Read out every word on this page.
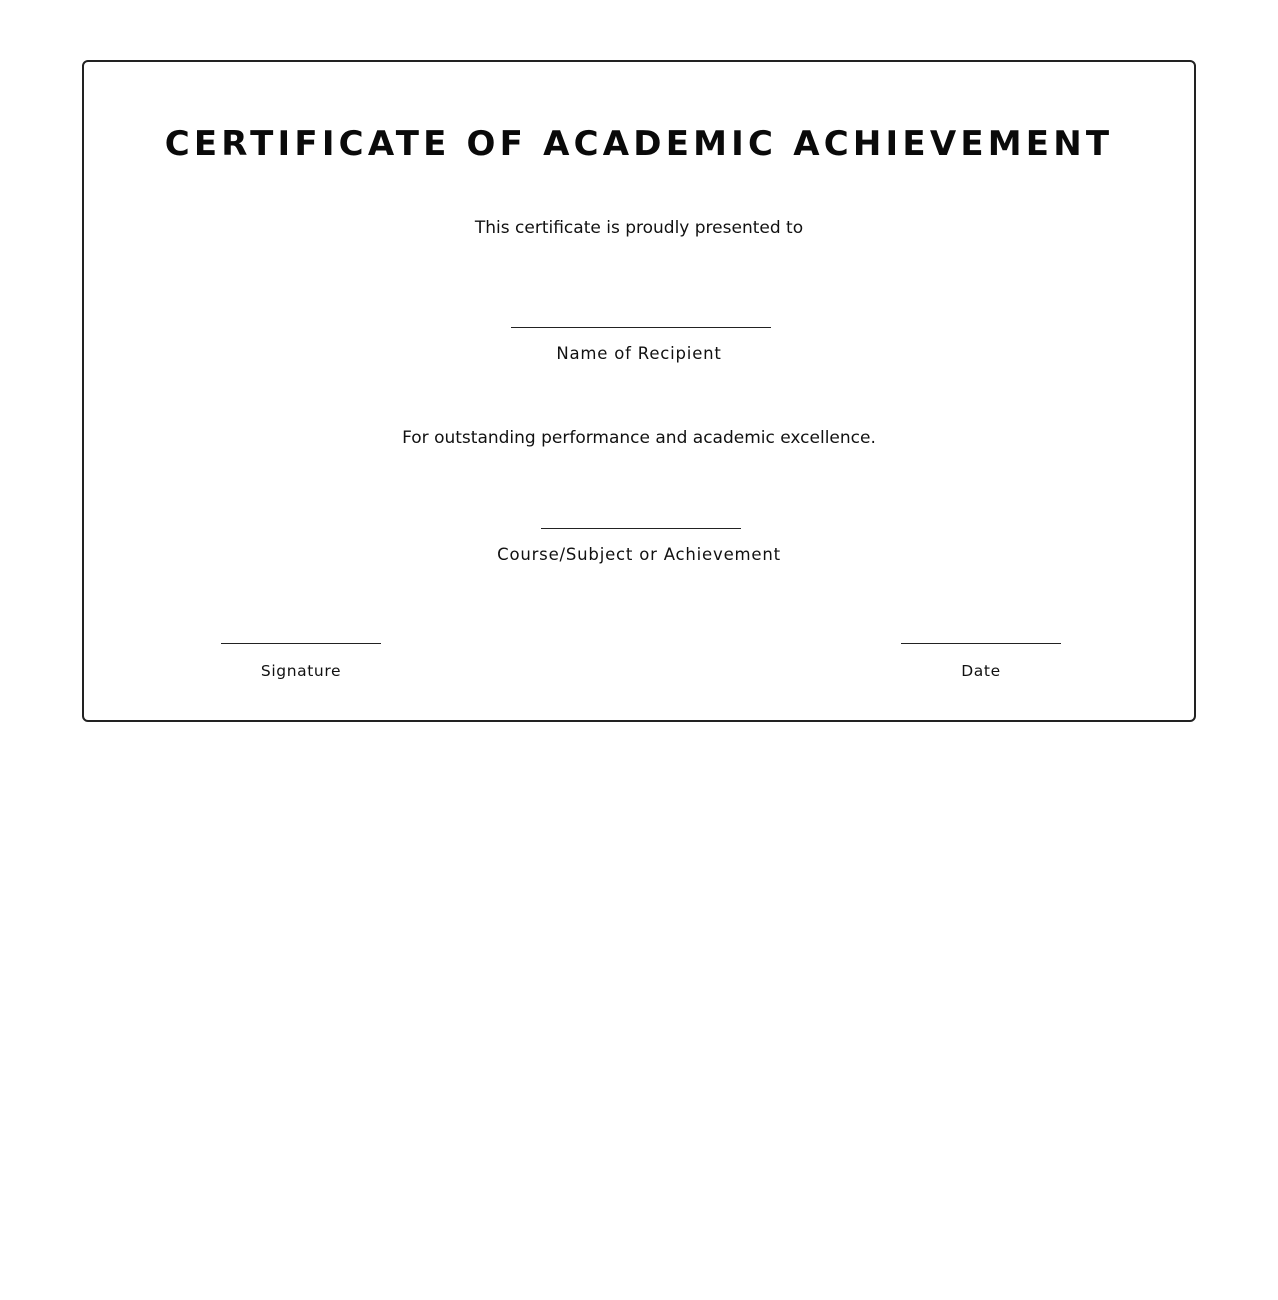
CERTIFICATE OF ACADEMIC ACHIEVEMENT
This certificate is proudly presented to
Name of Recipient
For outstanding performance and academic excellence.
Course/Subject or Achievement
Signature	Date
